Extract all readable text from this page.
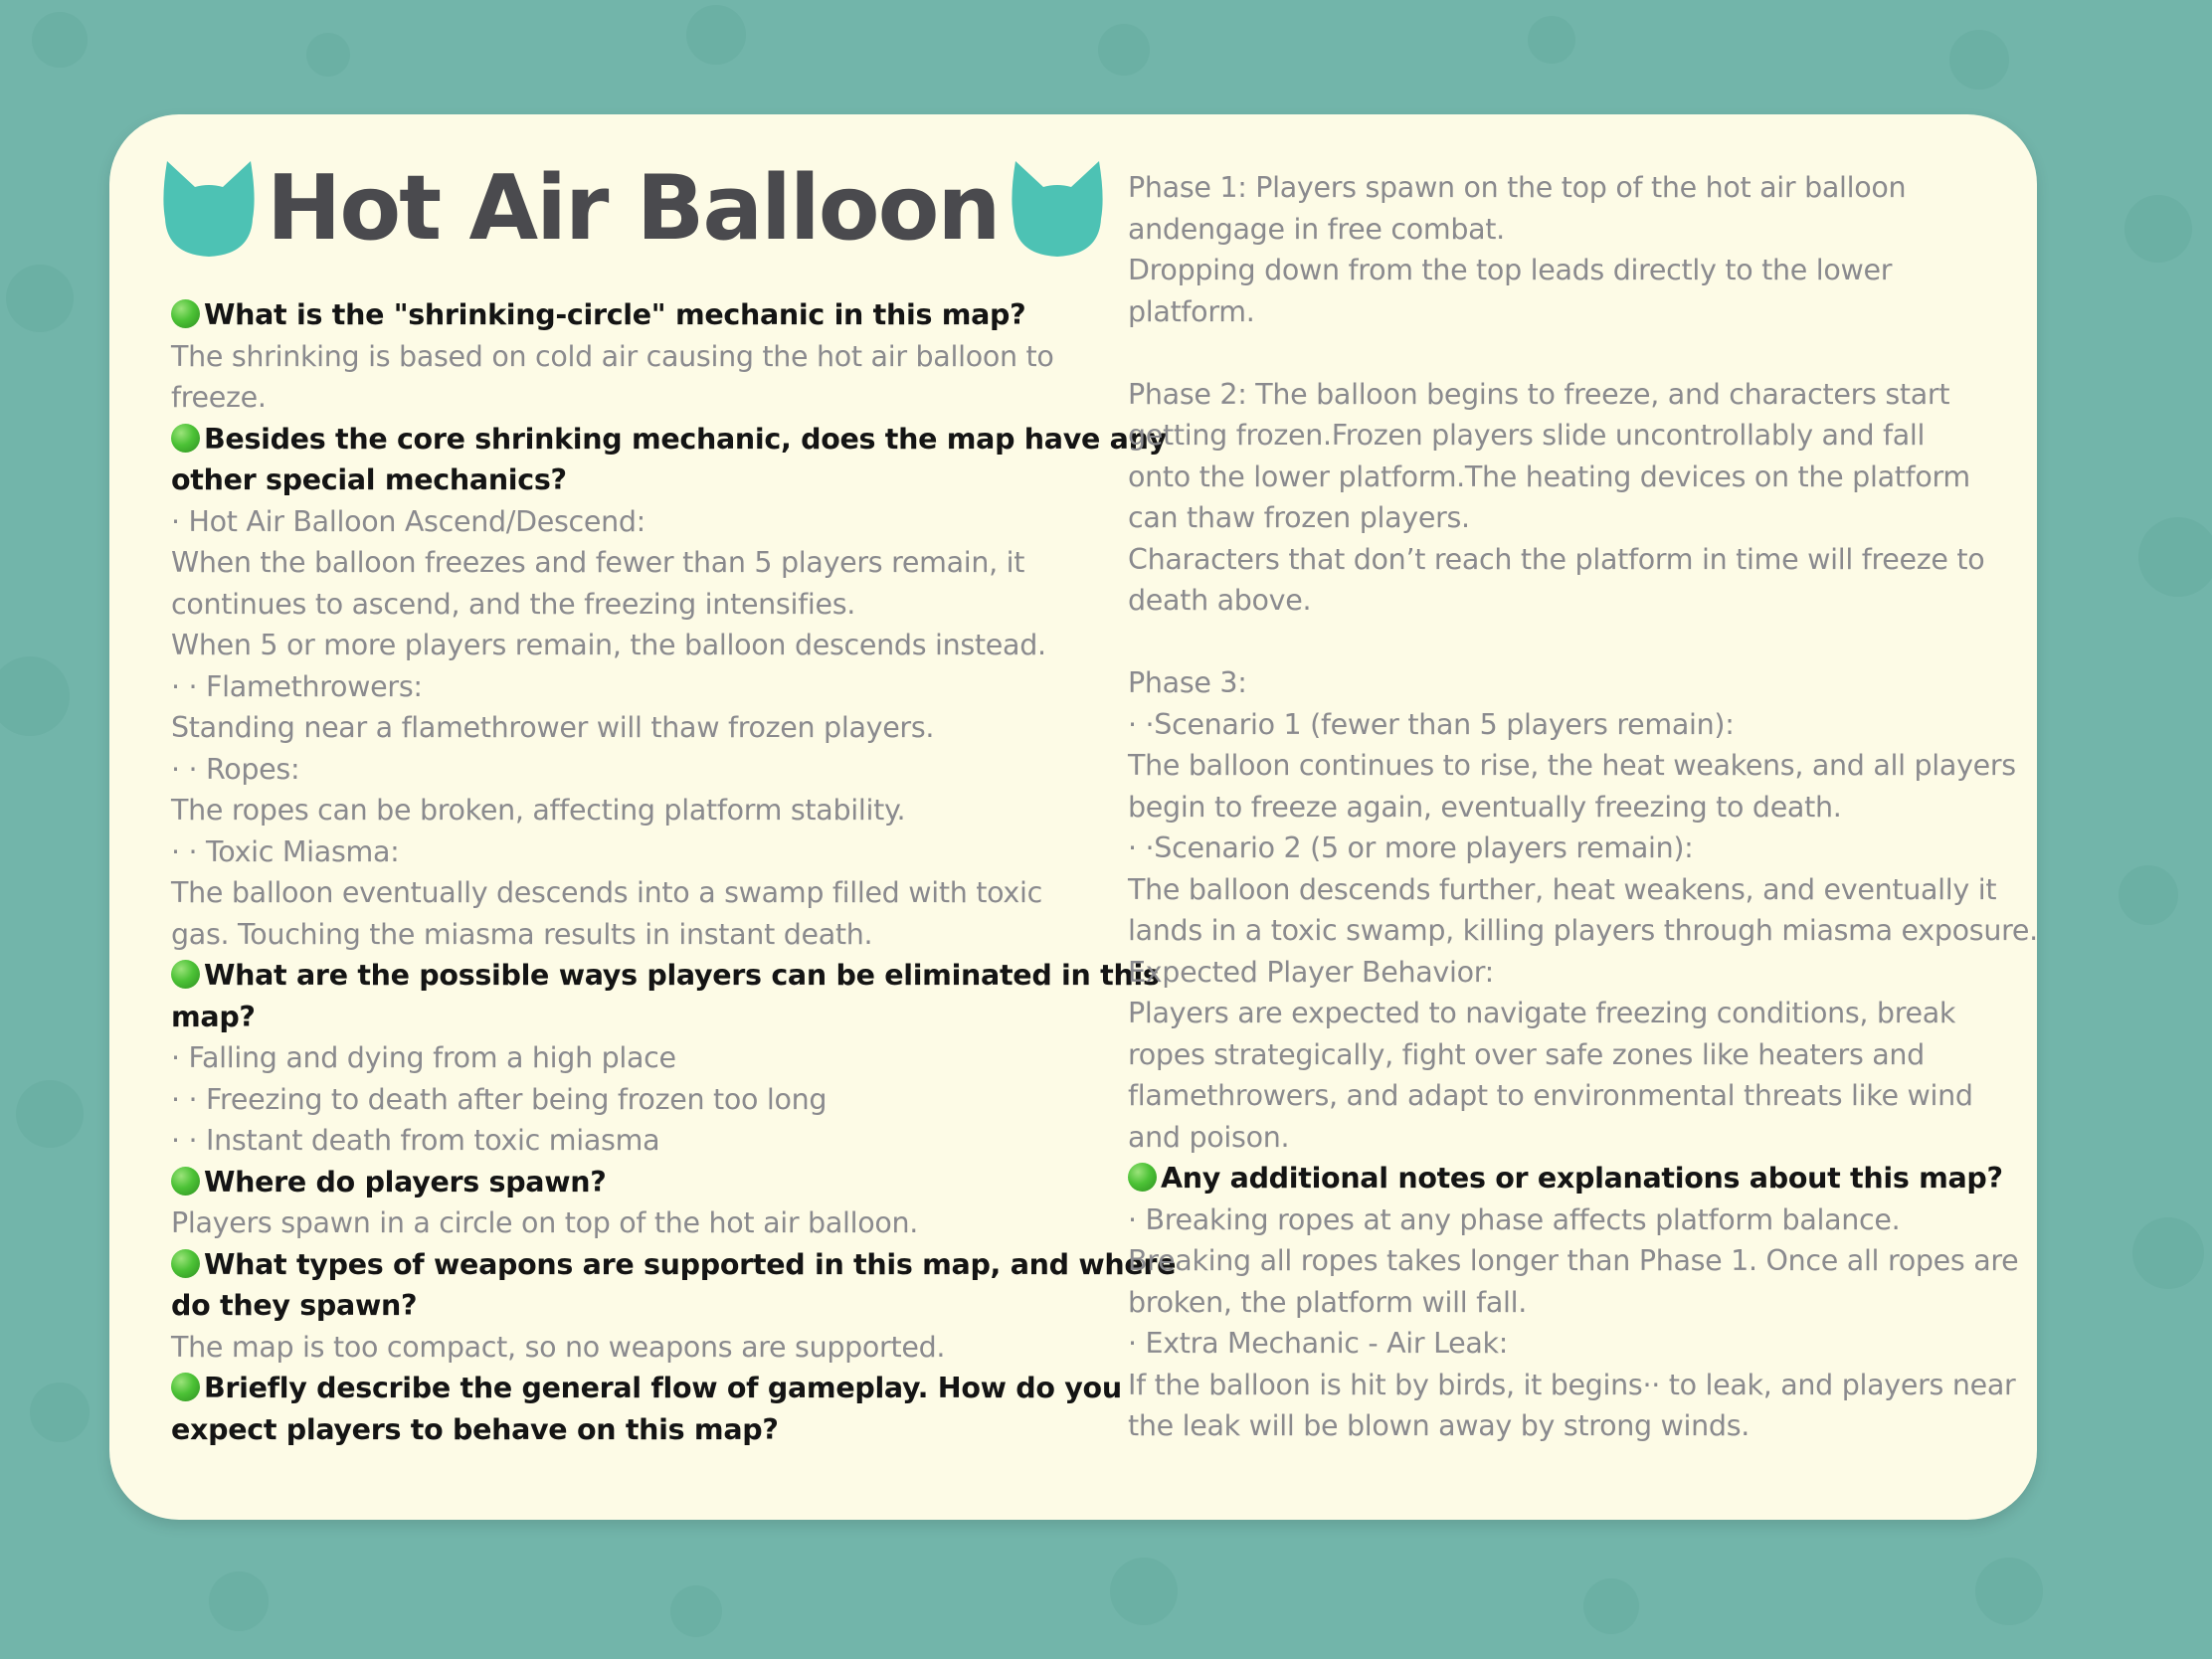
Hot Air Balloon
What is the "shrinking-circle" mechanic in this map?
The shrinking is based on cold air causing the hot air balloon to
freeze.
Besides the core shrinking mechanic, does the map have any
other special mechanics?
· Hot Air Balloon Ascend/Descend:
When the balloon freezes and fewer than 5 players remain, it
continues to ascend, and the freezing intensifies.
When 5 or more players remain, the balloon descends instead.
· · Flamethrowers:
Standing near a flamethrower will thaw frozen players.
· · Ropes:
The ropes can be broken, affecting platform stability.
· · Toxic Miasma:
The balloon eventually descends into a swamp filled with toxic
gas. Touching the miasma results in instant death.
What are the possible ways players can be eliminated in this
map?
· Falling and dying from a high place
· · Freezing to death after being frozen too long
· · Instant death from toxic miasma
Where do players spawn?
Players spawn in a circle on top of the hot air balloon.
What types of weapons are supported in this map, and where
do they spawn?
The map is too compact, so no weapons are supported.
Briefly describe the general flow of gameplay. How do you
expect players to behave on this map?
Phase 1: Players spawn on the top of the hot air balloon
andengage in free combat.
Dropping down from the top leads directly to the lower
platform.
Phase 2: The balloon begins to freeze, and characters start
getting frozen.Frozen players slide uncontrollably and fall
onto the lower platform.The heating devices on the platform
can thaw frozen players.
Characters that don’t reach the platform in time will freeze to
death above.
Phase 3:
· ·Scenario 1 (fewer than 5 players remain):
The balloon continues to rise, the heat weakens, and all players
begin to freeze again, eventually freezing to death.
· ·Scenario 2 (5 or more players remain):
The balloon descends further, heat weakens, and eventually it
lands in a toxic swamp, killing players through miasma exposure.
Expected Player Behavior:
Players are expected to navigate freezing conditions, break
ropes strategically, fight over safe zones like heaters and
flamethrowers, and adapt to environmental threats like wind
and poison.
Any additional notes or explanations about this map?
· Breaking ropes at any phase affects platform balance.
Breaking all ropes takes longer than Phase 1. Once all ropes are
broken, the platform will fall.
· Extra Mechanic - Air Leak:
If the balloon is hit by birds, it begins·· to leak, and players near
the leak will be blown away by strong winds.
